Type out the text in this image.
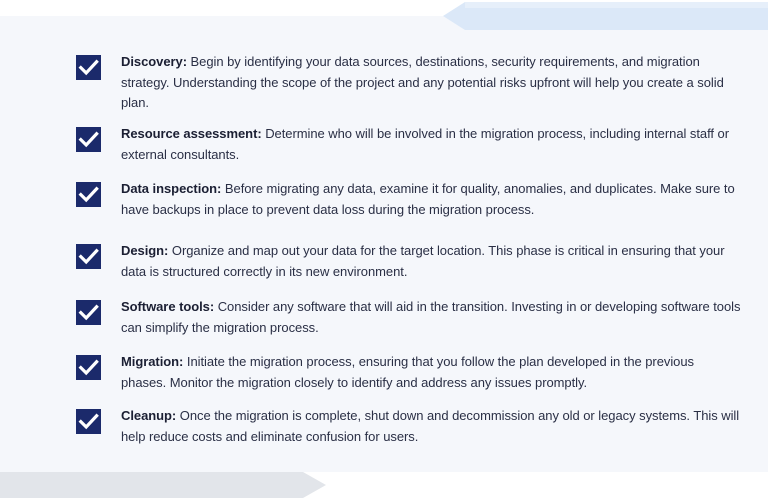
Discovery: Begin by identifying your data sources, destinations, security requirements, and migration strategy. Understanding the scope of the project and any potential risks upfront will help you create a solid plan.
Resource assessment: Determine who will be involved in the migration process, including internal staff or external consultants.
Data inspection: Before migrating any data, examine it for quality, anomalies, and duplicates. Make sure to have backups in place to prevent data loss during the migration process.
Design: Organize and map out your data for the target location. This phase is critical in ensuring that your data is structured correctly in its new environment.
Software tools: Consider any software that will aid in the transition. Investing in or developing software tools can simplify the migration process.
Migration: Initiate the migration process, ensuring that you follow the plan developed in the previous phases. Monitor the migration closely to identify and address any issues promptly.
Cleanup: Once the migration is complete, shut down and decommission any old or legacy systems. This will help reduce costs and eliminate confusion for users.
